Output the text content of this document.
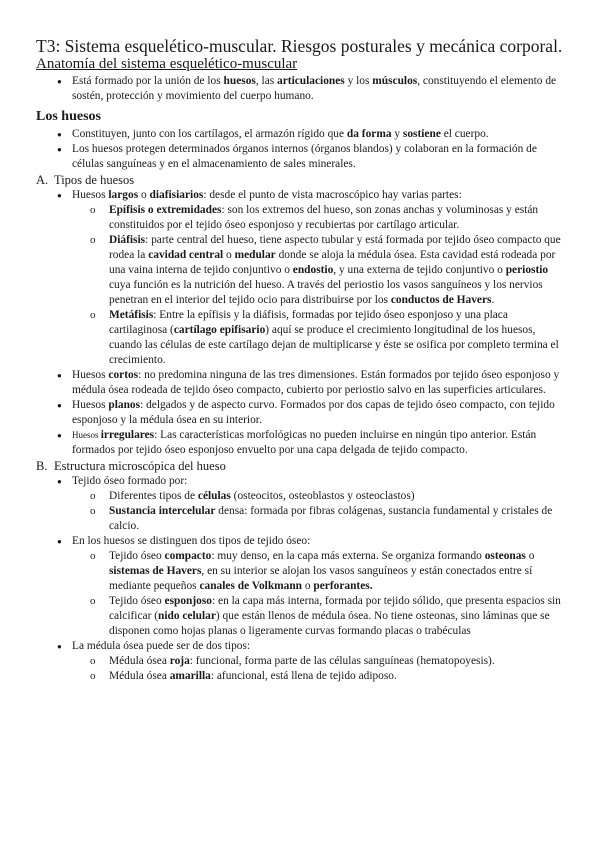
T3: Sistema esquelético-muscular. Riesgos posturales y mecánica corporal.
Anatomía del sistema esquelético-muscular
● Está formado por la unión de los huesos, las articulaciones y los músculos, constituyendo el elemento de sostén, protección y movimiento del cuerpo humano.
Los huesos
● Constituyen, junto con los cartílagos, el armazón rígido que da forma y sostiene el cuerpo.
● Los huesos protegen determinados órganos internos (órganos blandos) y colaboran en la formación de células sanguíneas y en el almacenamiento de sales minerales.
A. Tipos de huesos
● Huesos largos o diafisiarios: desde el punto de vista macroscópico hay varias partes:
o Epífisis o extremidades: son los extremos del hueso, son zonas anchas y voluminosas y están constituidos por el tejido óseo esponjoso y recubiertas por cartílago articular.
o Diáfisis: parte central del hueso, tiene aspecto tubular y está formada por tejido óseo compacto que rodea la cavidad central o medular donde se aloja la médula ósea. Esta cavidad está rodeada por una vaina interna de tejido conjuntivo o endostio, y una externa de tejido conjuntivo o periostio cuya función es la nutrición del hueso. A través del periostio los vasos sanguíneos y los nervios penetran en el interior del tejido ocio para distribuirse por los conductos de Havers.
o Metáfisis: Entre la epífisis y la diáfisis, formadas por tejido óseo esponjoso y una placa cartilaginosa (cartílago epifisario) aquí se produce el crecimiento longitudinal de los huesos, cuando las células de este cartílago dejan de multiplicarse y éste se osifica por completo termina el crecimiento.
● Huesos cortos: no predomina ninguna de las tres dimensiones. Están formados por tejido óseo esponjoso y médula ósea rodeada de tejido óseo compacto, cubierto por periostio salvo en las superficies articulares.
● Huesos planos: delgados y de aspecto curvo. Formados por dos capas de tejido óseo compacto, con tejido esponjoso y la médula ósea en su interior.
● Huesos irregulares: Las características morfológicas no pueden incluirse en ningún tipo anterior. Están formados por tejido óseo esponjoso envuelto por una capa delgada de tejido compacto.
B. Estructura microscópica del hueso
● Tejido óseo formado por:
o Diferentes tipos de células (osteocitos, osteoblastos y osteoclastos)
o Sustancia intercelular densa: formada por fibras colágenas, sustancia fundamental y cristales de calcio.
● En los huesos se distinguen dos tipos de tejido óseo:
o Tejido óseo compacto: muy denso, en la capa más externa. Se organiza formando osteonas o sistemas de Havers, en su interior se alojan los vasos sanguíneos y están conectados entre sí mediante pequeños canales de Volkmann o perforantes.
o Tejido óseo esponjoso: en la capa más interna, formada por tejido sólido, que presenta espacios sin calcificar (nido celular) que están llenos de médula ósea. No tiene osteonas, sino láminas que se disponen como hojas planas o ligeramente curvas formando placas o trabéculas
● La médula ósea puede ser de dos tipos:
o Médula ósea roja: funcional, forma parte de las células sanguíneas (hematopoyesis).
o Médula ósea amarilla: afuncional, está llena de tejido adiposo.
